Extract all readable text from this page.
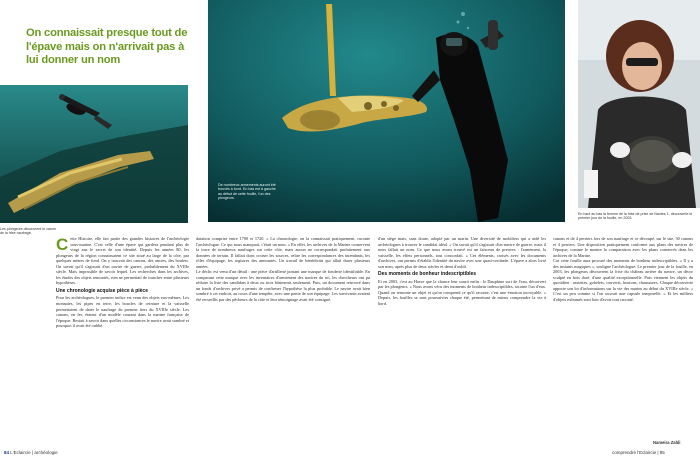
On connaissait presque tout de l'épave mais on n'arrivait pas à lui donner un nom
Les plongeurs découvrent le canon de la frise naufragé.
De nombreux armements auront été trouvés à bord. En bas est à gauche au début de cette fouille, l'un des plongeurs.
En haut au bas la femme de la frise de prise de Nantes 1, découverte le premier jour de la fouille, en 2003.
C ette Histoire, elle fait partie des grandes histoires de l'archéologie sous-marine. C'est celle d'une épave qui gardera pendant plus de vingt ans le secret de son identité. Depuis les années 80, les plongeurs de la région connaissaient ce site situé au large de la côte, par quelques mètres de fond. On y trouvait des canons, des ancres, des boulets. On savait qu'il s'agissait d'un navire de guerre, probablement du XVIIIe siècle. Mais impossible de savoir lequel. Les recherches dans les archives, les études des objets remontés, rien ne permettait de trancher entre plusieurs hypothèses.

Une chronologie acquise pièce à pièce

Pour les archéologues, le premier indice est venu des objets eux-mêmes. Les monnaies, les pipes en terre, les boucles de ceinture et la vaisselle permettaient de dater le naufrage du premier tiers du XVIIIe siècle. Les canons, en fer, étaient d'un modèle courant dans la marine française de l'époque. Restait à savoir dans quelles circonstances le navire avait sombré et pourquoi il avait été oublié.

datation comprise entre 1700 et 1720. « La chronologie, on la connaissait pratiquement, raconte l'archéologue. Ce qui nous manquait, c'était un nom. » En effet, les archives de la Marine conservent la trace de nombreux naufrages sur cette côte, mais aucun ne correspondait parfaitement aux données de terrain. Il fallait donc croiser les sources, relire les correspondances des intendants, les rôles d'équipage, les registres des amirautés. Un travail de bénédictin qui allait durer plusieurs années.

Le déclic est venu d'un détail : une pièce d'artillerie portant une marque de fonderie identifiable. En comparant cette marque avec les inventaires d'armement des navires du roi, les chercheurs ont pu réduire la liste des candidats à deux ou trois bâtiments seulement. Puis, un document retrouvé dans un fonds d'archives privé a permis de confirmer l'hypothèse la plus probable. Le navire avait bien sombré à cet endroit, au cours d'une tempête, avec une partie de son équipage. Les survivants avaient été recueillis par des pêcheurs de la côte et leur témoignage avait été consigné.

d'un siège mais, sans doute, adopté par un marin. Une diversité de mobiliers qui a aidé les archéologues à trouver le candidat idéal. « On savait qu'il s'agissait d'un navire de guerre, mais il nous fallait un nom. Ce que nous avons trouvé est un faisceau de preuves : l'armement, la vaisselle, les effets personnels, tout concordait. » Ces éléments, croisés avec les documents d'archives, ont permis d'établir l'identité du navire avec une quasi-certitude. L'épave a alors livré son nom, après plus de deux siècles et demi d'oubli.

Des moments de bonheur indescriptibles

Et en 2003, c'est au Havre que la chance leur sourit enfin : le Dauphine sort de l'eau, découvert par les plongeurs. « Nous avons vécu des moments de bonheur indescriptibles, raconte l'un d'eux. Quand on remonte un objet et qu'on comprend ce qu'il raconte, c'est une émotion incroyable. » Depuis, les fouilles se sont poursuivies chaque été, permettant de mieux comprendre la vie à bord.

canons et de 4 perriers lors de son naufrage et ce découpé, sur le site, 30 canons et 4 perriers. Une disposition pratiquement conforme aux plans des navires de l'époque, comme le montre la comparaison avec les plans conservés dans les archives de la Marine.

Car cette fouille aura procuré des moments de bonheur indescriptibles. « Il y a des instants magiques », souligne l'archéologue. Le premier jour de la fouille, en 2003, les plongeurs découvrent la frise du château arrière du navire, un décor sculpté en bois doré, d'une qualité exceptionnelle. Puis viennent les objets du quotidien : assiettes, gobelets, couverts, boutons, chaussures. Chaque découverte apporte son lot d'informations sur la vie des marins au début du XVIIIe siècle. « C'est un peu comme si l'on ouvrait une capsule temporelle. » Et les milliers d'objets exhumés sont loin d'avoir tout raconté.

84 L'Eclaircie | archéologie
Nameira Zahli
comprendre l'Eclaircie | 85
